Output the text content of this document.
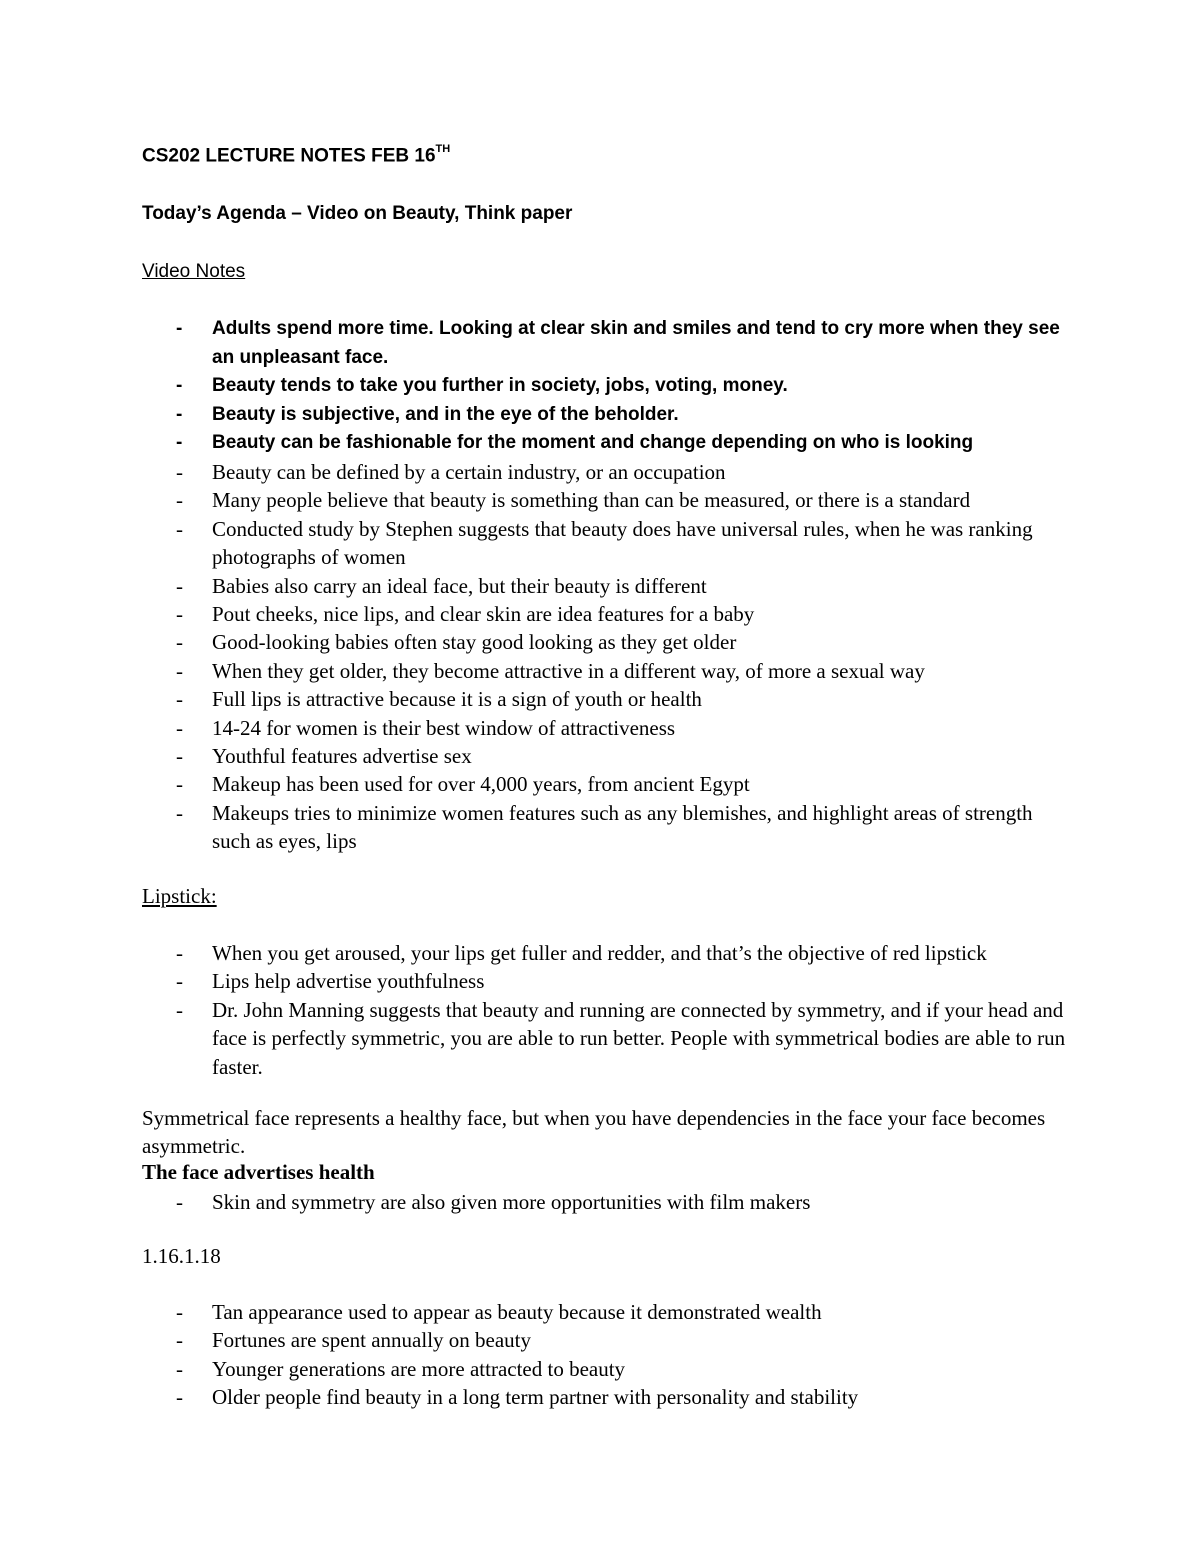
CS202 LECTURE NOTES FEB 16TH
Today’s Agenda – Video on Beauty, Think paper
Video Notes
- Adults spend more time. Looking at clear skin and smiles and tend to cry more when they see an unpleasant face.
- Beauty tends to take you further in society, jobs, voting, money.
- Beauty is subjective, and in the eye of the beholder.
- Beauty can be fashionable for the moment and change depending on who is looking
- Beauty can be defined by a certain industry, or an occupation
- Many people believe that beauty is something than can be measured, or there is a standard
- Conducted study by Stephen suggests that beauty does have universal rules, when he was ranking photographs of women
- Babies also carry an ideal face, but their beauty is different
- Pout cheeks, nice lips, and clear skin are idea features for a baby
- Good-looking babies often stay good looking as they get older
- When they get older, they become attractive in a different way, of more a sexual way
- Full lips is attractive because it is a sign of youth or health
- 14-24 for women is their best window of attractiveness
- Youthful features advertise sex
- Makeup has been used for over 4,000 years, from ancient Egypt
- Makeups tries to minimize women features such as any blemishes, and highlight areas of strength such as eyes, lips
Lipstick:
- When you get aroused, your lips get fuller and redder, and that’s the objective of red lipstick
- Lips help advertise youthfulness
- Dr. John Manning suggests that beauty and running are connected by symmetry, and if your head and face is perfectly symmetric, you are able to run better. People with symmetrical bodies are able to run faster.
Symmetrical face represents a healthy face, but when you have dependencies in the face your face becomes asymmetric.
The face advertises health
- Skin and symmetry are also given more opportunities with film makers
1.16.1.18
- Tan appearance used to appear as beauty because it demonstrated wealth
- Fortunes are spent annually on beauty
- Younger generations are more attracted to beauty
- Older people find beauty in a long term partner with personality and stability
